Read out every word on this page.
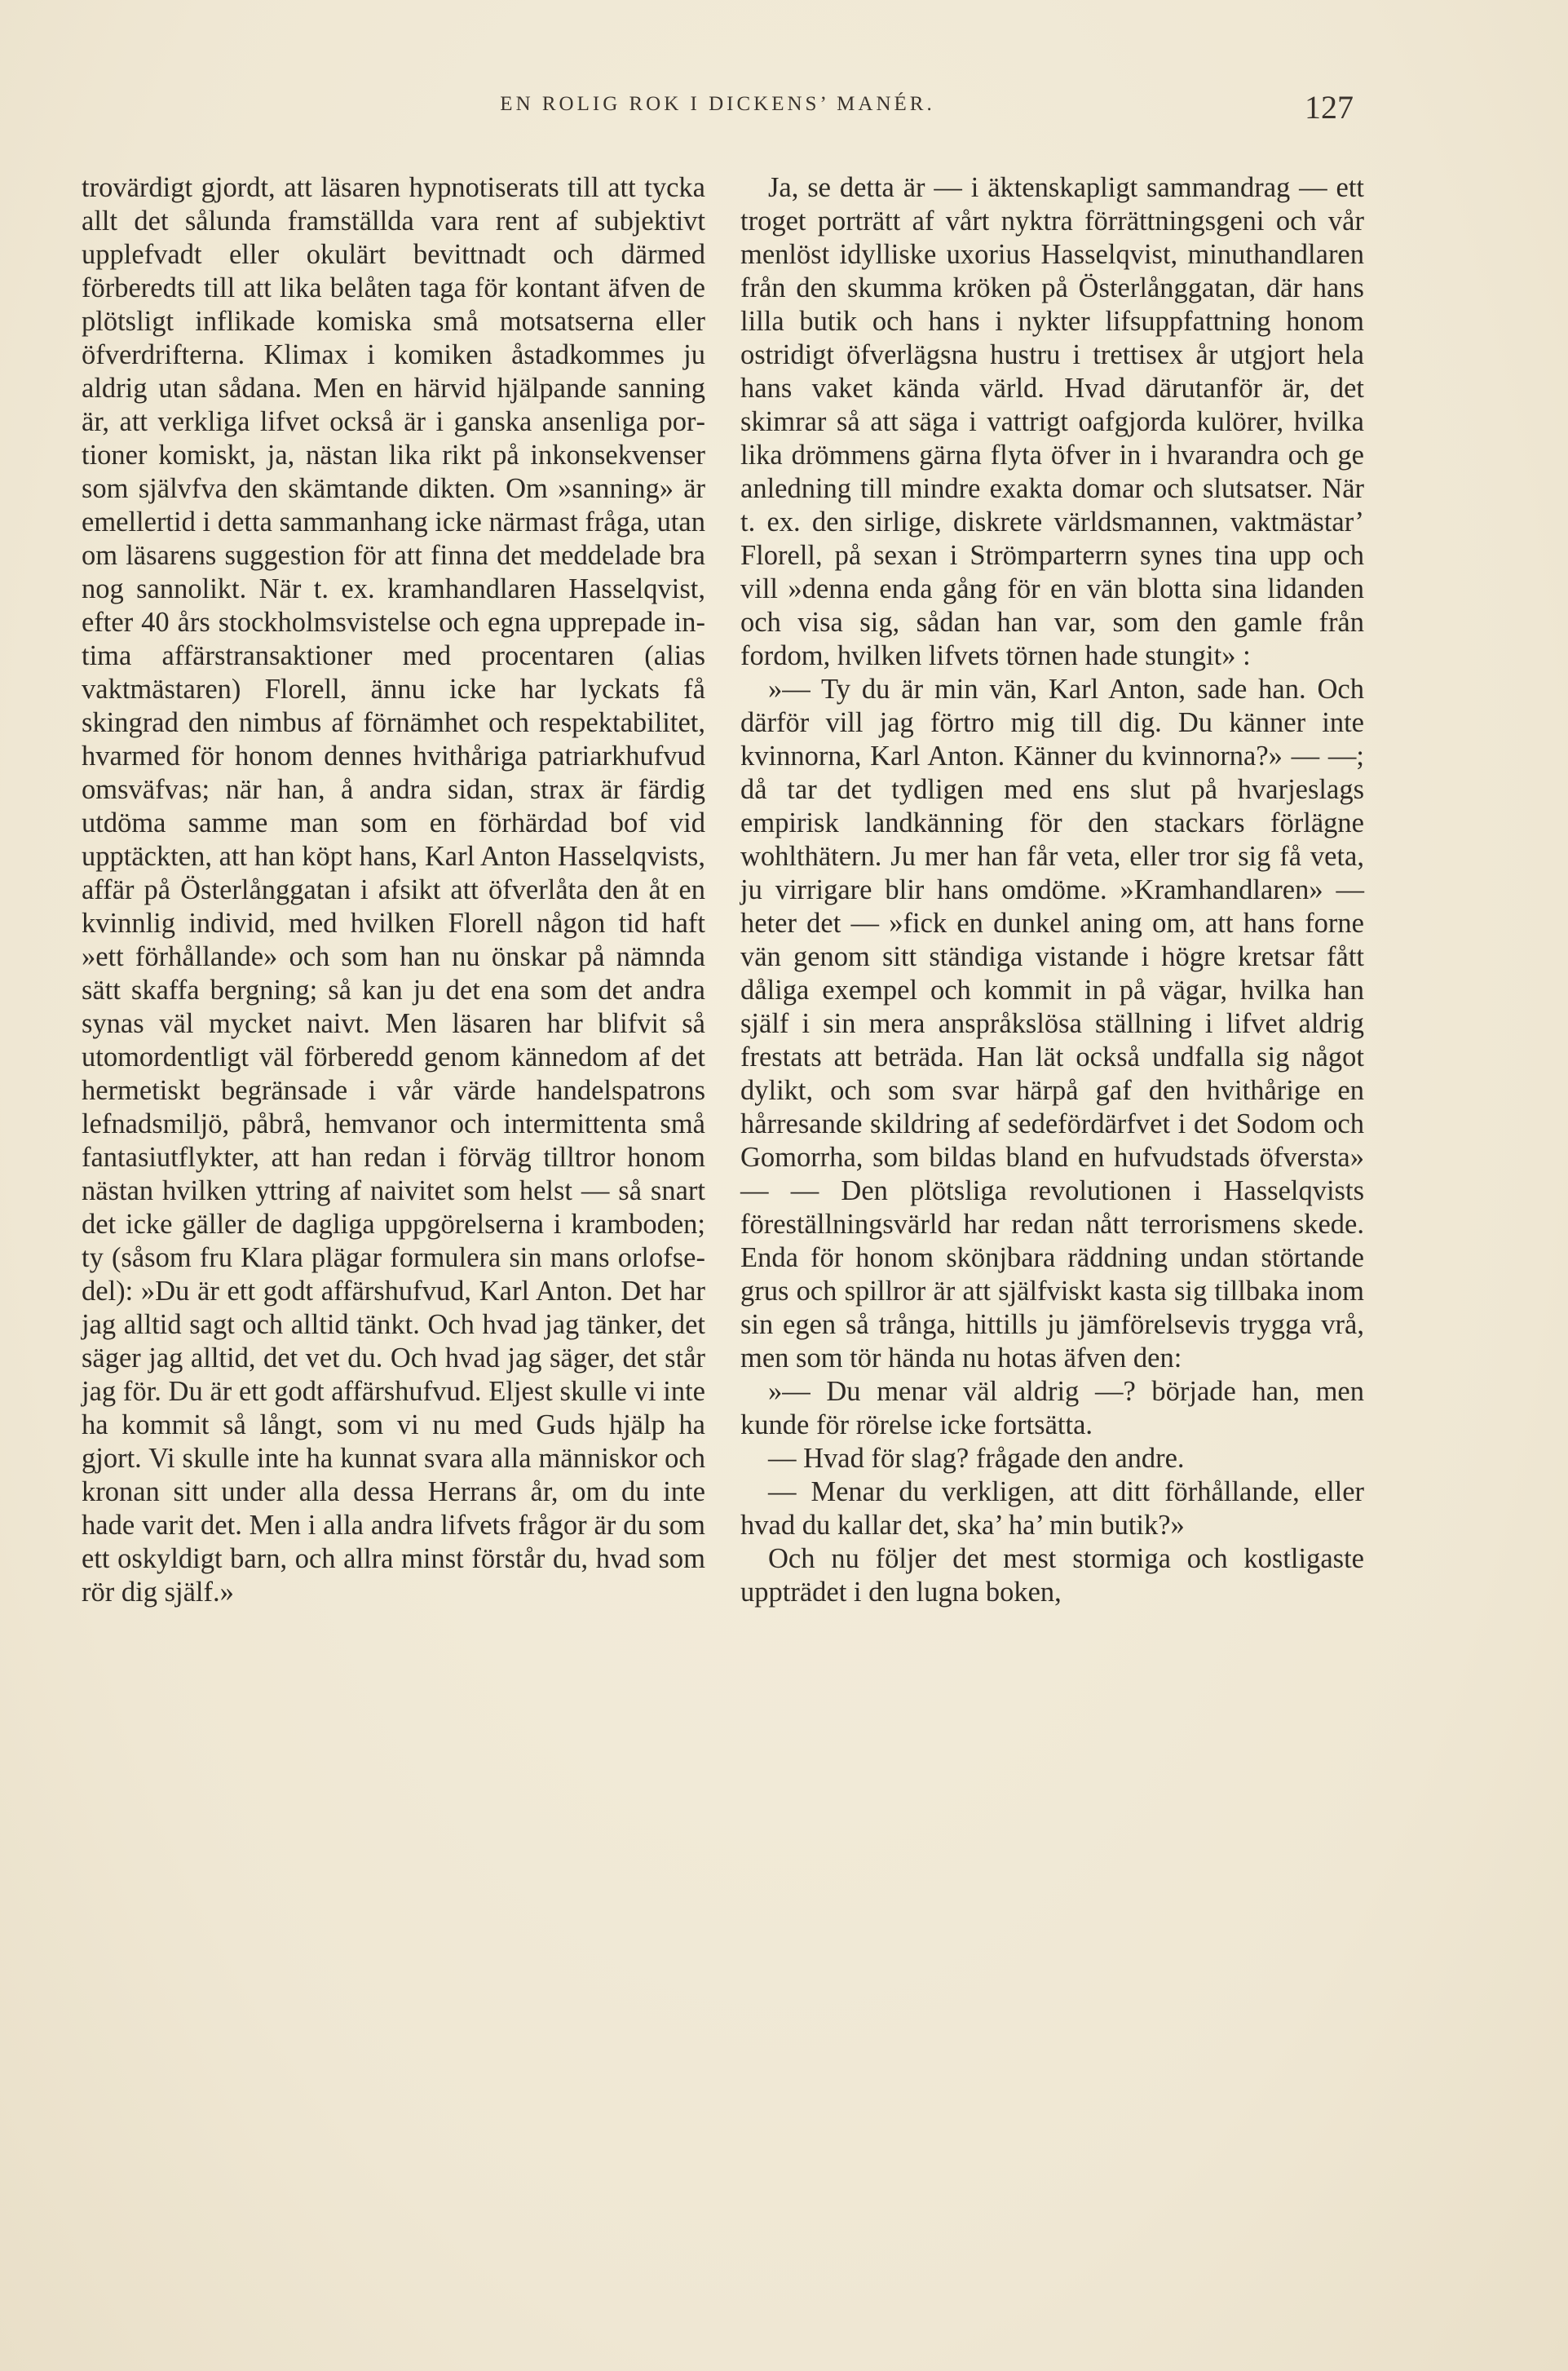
EN ROLIG ROK I DICKENS’ MANÉR.	127

trovärdigt gjordt, att läsaren hypnotiserats till att tycka allt det sålunda framställda vara rent af subjektivt upplefvadt eller okulärt bevittnadt och därmed förberedts till att lika belåten taga för kontant äfven de plötsligt inflikade komiska små motsatserna eller öfverdrifterna. Klimax i komiken åstadkommes ju aldrig utan sådana. Men en härvid hjälpande sanning är, att verkliga lifvet också är i ganska ansenliga portioner komiskt, ja, nästan lika rikt på inkonsekvenser som självfva den skämtande dikten. Om »sanning» är emellertid i detta sammanhang icke närmast fråga, utan om läsarens suggestion för att finna det meddelade bra nog sannolikt. När t. ex. kramhandlaren Hasselqvist, efter 40 års stockholmsvistelse och egna upprepade intima affärstransaktioner med procentaren (alias vaktmästaren) Florell, ännu icke har lyckats få skingrad den nimbus af förnämhet och respektabilitet, hvarmed för honom dennes hvithåriga patriarkhufvud omsväfvas; när han, å andra sidan, strax är färdig utdöma samme man som en förhärdad bof vid upptäckten, att han köpt hans, Karl Anton Hasselqvists, affär på Österlånggatan i afsikt att öfverlåta den åt en kvinnlig individ, med hvilken Florell någon tid haft »ett förhållande» och som han nu önskar på nämnda sätt skaffa bergning; så kan ju det ena som det andra synas väl mycket naivt. Men läsaren har blifvit så utomordentligt väl förberedd genom kännedom af det hermetiskt begränsade i vår värde handelspatrons lefnadsmiljö, påbrå, hemvanor och intermittenta små fantasiutflykter, att han redan i förväg tilltror honom nästan hvilken yttring af naivitet som helst — så snart det icke gäller de dagliga uppgörelserna i kramboden; ty (såsom fru Klara plägar formulera sin mans orlofsedel): »Du är ett godt affärshufvud, Karl Anton. Det har jag alltid sagt och alltid tänkt. Och hvad jag tänker, det säger jag alltid, det vet du. Och hvad jag säger, det står jag för. Du är ett godt affärshufvud. Eljest skulle vi inte ha kommit så långt, som vi nu med Guds hjälp ha gjort. Vi skulle inte ha kunnat svara alla människor och kronan sitt under alla dessa Herrans år, om du inte hade varit det. Men i alla andra lifvets frågor är du som ett oskyldigt barn, och allra minst förstår du, hvad som rör dig själf.»

Ja, se detta är — i äktenskapligt sammandrag — ett troget porträtt af vårt nyktra förrättningsgeni och vår menlöst idylliske uxorius Hasselqvist, minuthandlaren från den skumma kröken på Österlånggatan, där hans lilla butik och hans i nykter lifsuppfattning honom ostridigt öfverlägsna hustru i trettisex år utgjort hela hans vaket kända värld. Hvad därutanför är, det skimrar så att säga i vattrigt oafgjorda kulörer, hvilka lika drömmens gärna flyta öfver in i hvarandra och ge anledning till mindre exakta domar och slutsatser. När t. ex. den sirlige, diskrete världsmannen, vaktmästar’ Florell, på sexan i Strömparterrn synes tina upp och vill »denna enda gång för en vän blotta sina lidanden och visa sig, sådan han var, som den gamle från fordom, hvilken lifvets törnen hade stungit» :

»— Ty du är min vän, Karl Anton, sade han. Och därför vill jag förtro mig till dig. Du känner inte kvinnorna, Karl Anton. Känner du kvinnorna?» — —; då tar det tydligen med ens slut på hvarjeslags empirisk landkänning för den stackars förlägne wohlthätern. Ju mer han får veta, eller tror sig få veta, ju virrigare blir hans omdöme. »Kramhandlaren» — heter det — »fick en dunkel aning om, att hans forne vän genom sitt ständiga vistande i högre kretsar fått dåliga exempel och kommit in på vägar, hvilka han själf i sin mera anspråkslösa ställning i lifvet aldrig frestats att beträda. Han lät också undfalla sig något dylikt, och som svar härpå gaf den hvithårige en hårresande skildring af sedefördärfvet i det Sodom och Gomorrha, som bildas bland en hufvudstads öfversta» — — Den plötsliga revolutionen i Hasselqvists föreställningsvärld har redan nått terrorismens skede. Enda för honom skönjbara räddning undan störtande grus och spillror är att själfviskt kasta sig tillbaka inom sin egen så trånga, hittills ju jämförelsevis trygga vrå, men som tör hända nu hotas äfven den:

»— Du menar väl aldrig —? började han, men kunde för rörelse icke fortsätta.

— Hvad för slag? frågade den andre.

— Menar du verkligen, att ditt förhållande, eller hvad du kallar det, ska’ ha’ min butik?»

Och nu följer det mest stormiga och kostligaste uppträdet i den lugna boken,
